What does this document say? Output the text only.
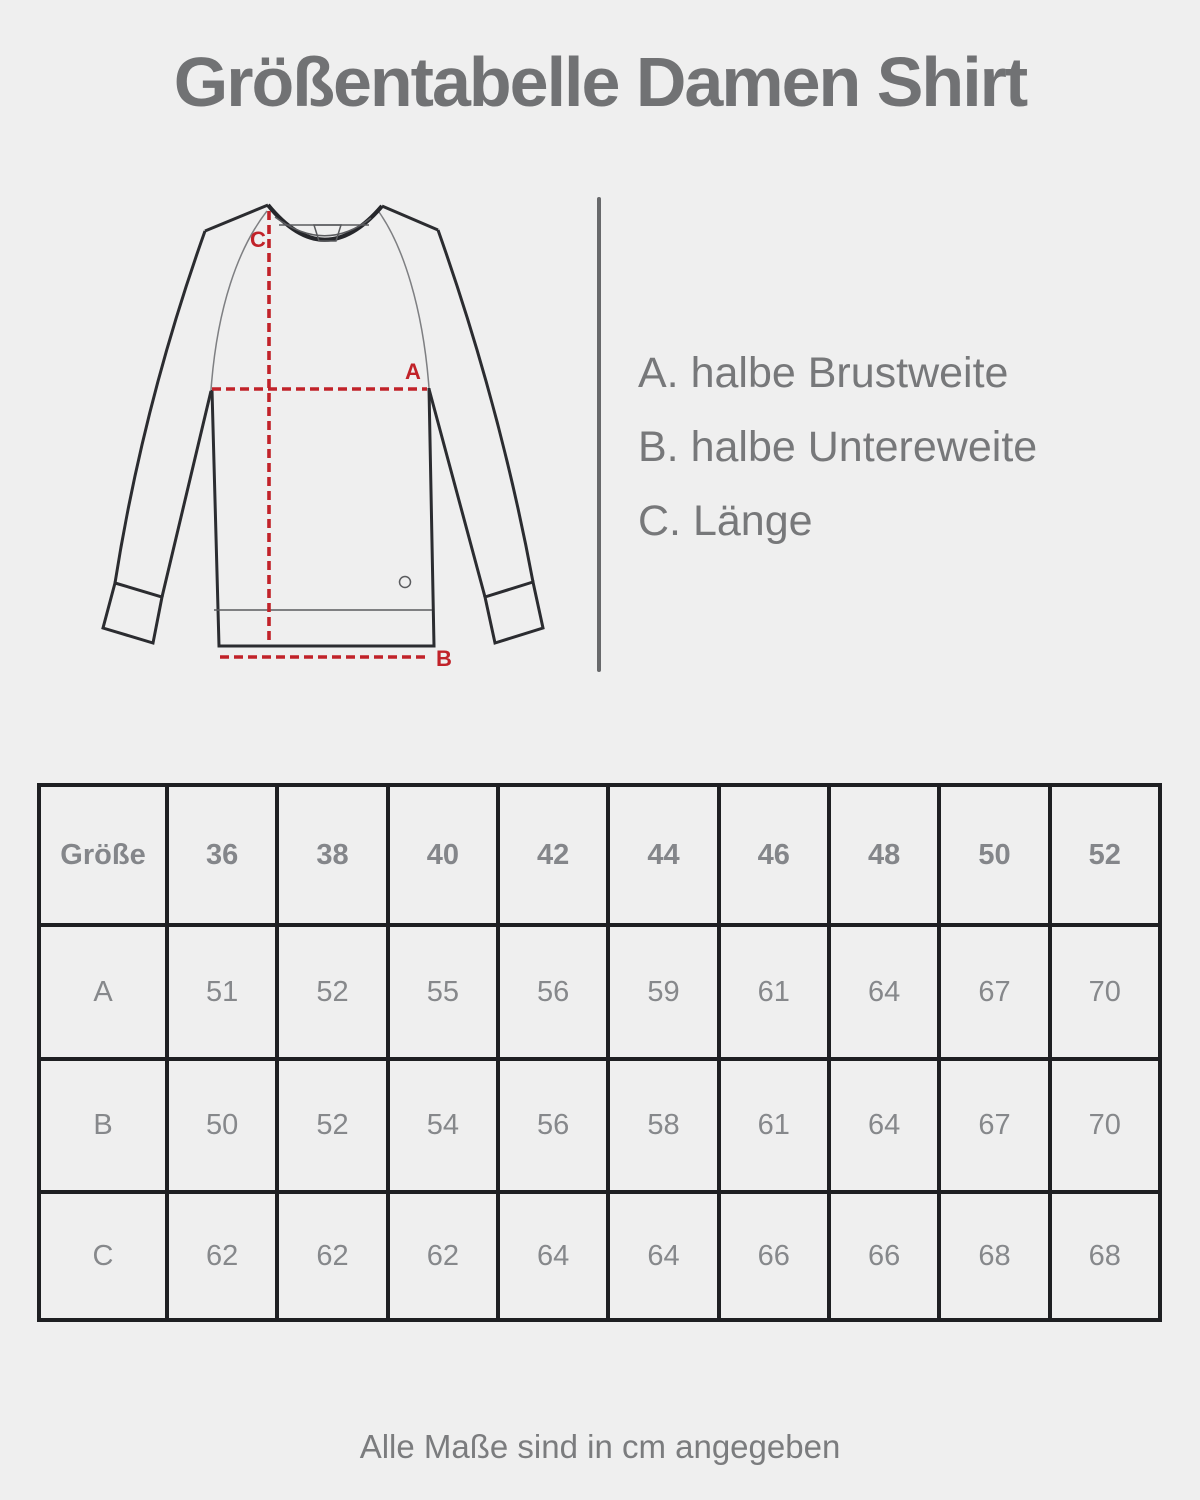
Größentabelle Damen Shirt
A
B
C
A. halbe Brustweite
B. halbe Untereweite
C. Länge
Größe	36	38	40	42	44	46	48	50	52
A	51	52	55	56	59	61	64	67	70
B	50	52	54	56	58	61	64	67	70
C	62	62	62	64	64	66	66	68	68
Alle Maße sind in cm angegeben
